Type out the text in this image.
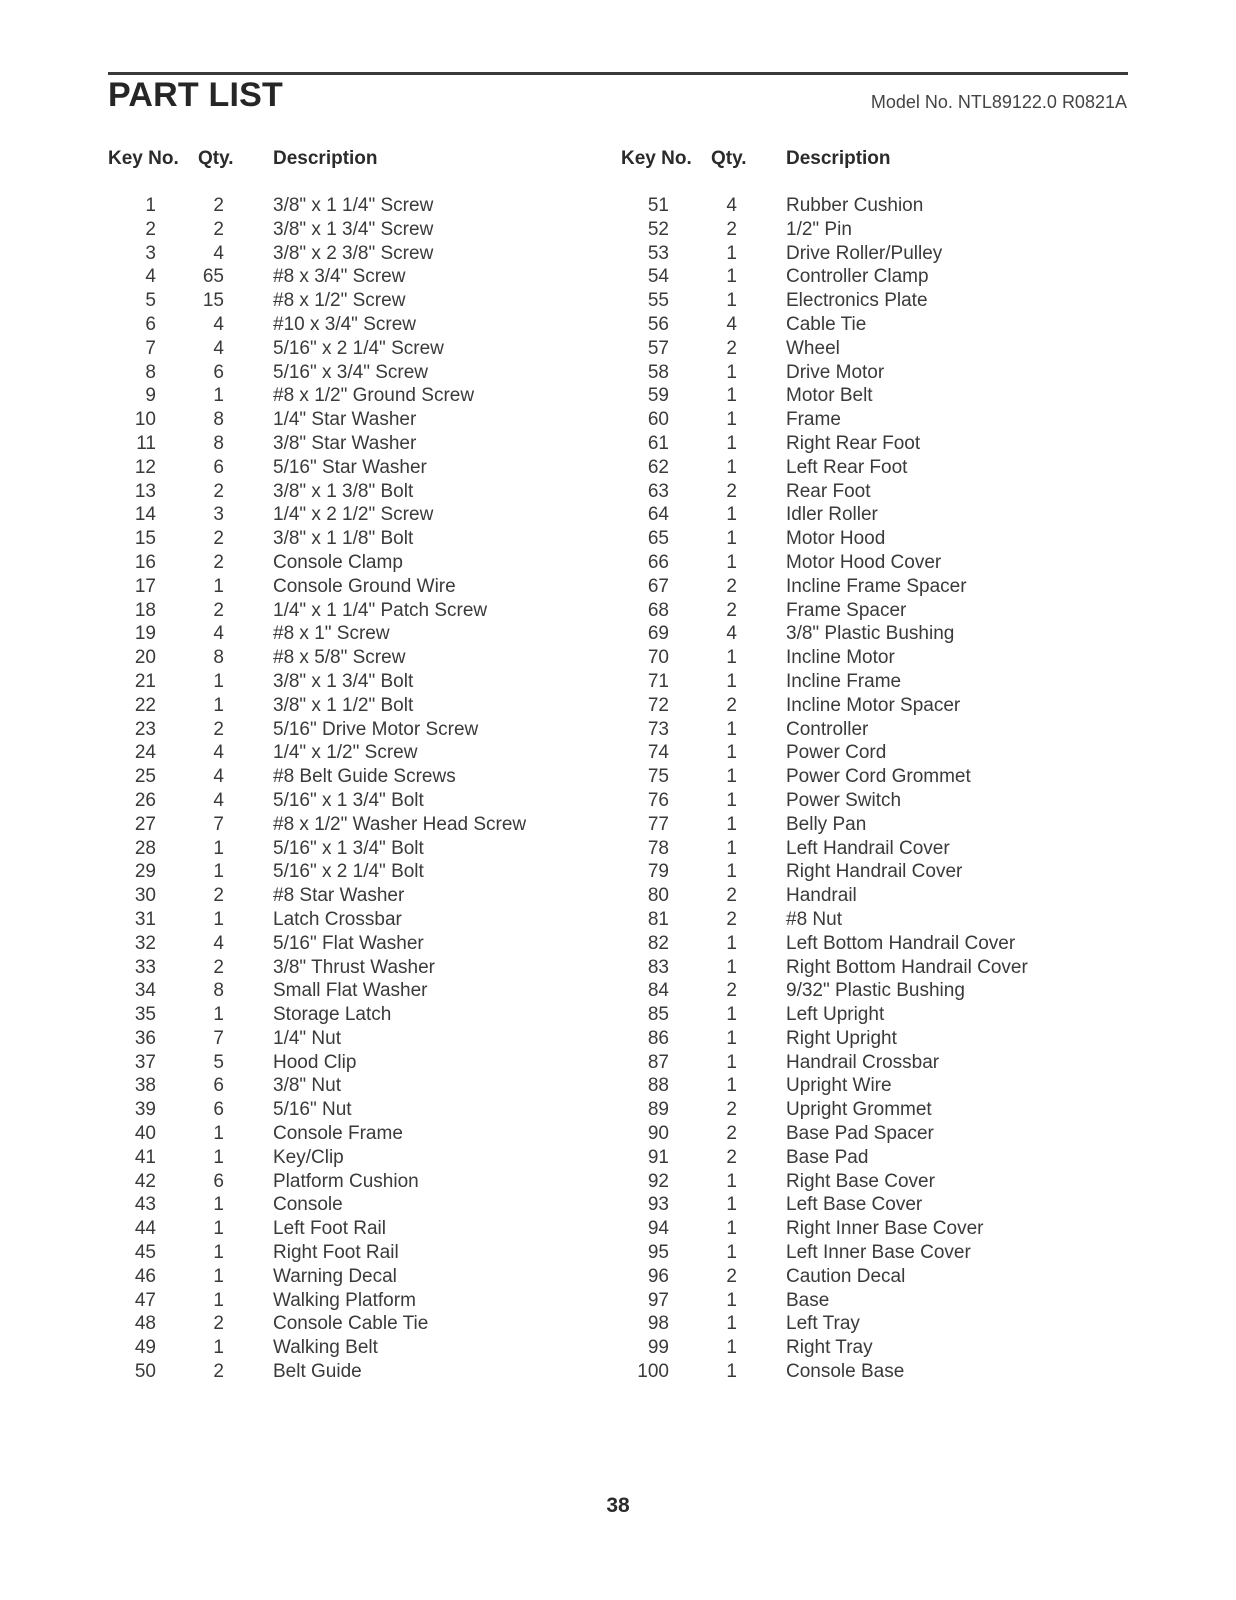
PART LIST	Model No. NTL89122.0 R0821A
Key No. Qty. Description
1	2	3/8" x 1 1/4" Screw
2	2	3/8" x 1 3/4" Screw
3	4	3/8" x 2 3/8" Screw
4	65	#8 x 3/4" Screw
5	15	#8 x 1/2" Screw
6	4	#10 x 3/4" Screw
7	4	5/16" x 2 1/4" Screw
8	6	5/16" x 3/4" Screw
9	1	#8 x 1/2" Ground Screw
10	8	1/4" Star Washer
11	8	3/8" Star Washer
12	6	5/16" Star Washer
13	2	3/8" x 1 3/8" Bolt
14	3	1/4" x 2 1/2" Screw
15	2	3/8" x 1 1/8" Bolt
16	2	Console Clamp
17	1	Console Ground Wire
18	2	1/4" x 1 1/4" Patch Screw
19	4	#8 x 1" Screw
20	8	#8 x 5/8" Screw
21	1	3/8" x 1 3/4" Bolt
22	1	3/8" x 1 1/2" Bolt
23	2	5/16" Drive Motor Screw
24	4	1/4" x 1/2" Screw
25	4	#8 Belt Guide Screws
26	4	5/16" x 1 3/4" Bolt
27	7	#8 x 1/2" Washer Head Screw
28	1	5/16" x 1 3/4" Bolt
29	1	5/16" x 2 1/4" Bolt
30	2	#8 Star Washer
31	1	Latch Crossbar
32	4	5/16" Flat Washer
33	2	3/8" Thrust Washer
34	8	Small Flat Washer
35	1	Storage Latch
36	7	1/4" Nut
37	5	Hood Clip
38	6	3/8" Nut
39	6	5/16" Nut
40	1	Console Frame
41	1	Key/Clip
42	6	Platform Cushion
43	1	Console
44	1	Left Foot Rail
45	1	Right Foot Rail
46	1	Warning Decal
47	1	Walking Platform
48	2	Console Cable Tie
49	1	Walking Belt
50	2	Belt Guide
Key No. Qty. Description
51	4	Rubber Cushion
52	2	1/2" Pin
53	1	Drive Roller/Pulley
54	1	Controller Clamp
55	1	Electronics Plate
56	4	Cable Tie
57	2	Wheel
58	1	Drive Motor
59	1	Motor Belt
60	1	Frame
61	1	Right Rear Foot
62	1	Left Rear Foot
63	2	Rear Foot
64	1	Idler Roller
65	1	Motor Hood
66	1	Motor Hood Cover
67	2	Incline Frame Spacer
68	2	Frame Spacer
69	4	3/8" Plastic Bushing
70	1	Incline Motor
71	1	Incline Frame
72	2	Incline Motor Spacer
73	1	Controller
74	1	Power Cord
75	1	Power Cord Grommet
76	1	Power Switch
77	1	Belly Pan
78	1	Left Handrail Cover
79	1	Right Handrail Cover
80	2	Handrail
81	2	#8 Nut
82	1	Left Bottom Handrail Cover
83	1	Right Bottom Handrail Cover
84	2	9/32" Plastic Bushing
85	1	Left Upright
86	1	Right Upright
87	1	Handrail Crossbar
88	1	Upright Wire
89	2	Upright Grommet
90	2	Base Pad Spacer
91	2	Base Pad
92	1	Right Base Cover
93	1	Left Base Cover
94	1	Right Inner Base Cover
95	1	Left Inner Base Cover
96	2	Caution Decal
97	1	Base
98	1	Left Tray
99	1	Right Tray
100	1	Console Base
38
